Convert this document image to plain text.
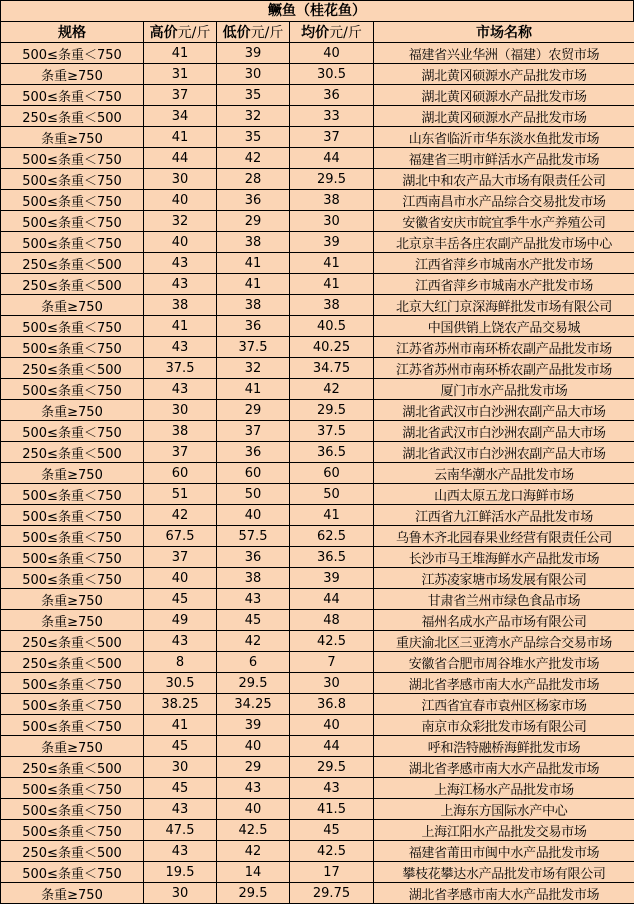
鳜鱼（桂花鱼）
规格	高价元/斤	低价元/斤	均价元/斤	市场名称
500≤条重＜750	41	39	40	福建省兴业华洲（福建）农贸市场
条重≥750	31	30	30.5	湖北黄冈硕源水产品批发市场
500≤条重＜750	37	35	36	湖北黄冈硕源水产品批发市场
250≤条重＜500	34	32	33	湖北黄冈硕源水产品批发市场
条重≥750	41	35	37	山东省临沂市华东淡水鱼批发市场
500≤条重＜750	44	42	44	福建省三明市鲜活水产品批发市场
500≤条重＜750	30	28	29.5	湖北中和农产品大市场有限责任公司
500≤条重＜750	40	36	38	江西南昌市水产品综合交易批发市场
500≤条重＜750	32	29	30	安徽省安庆市皖宜季牛水产养殖公司
500≤条重＜750	40	38	39	北京京丰岳各庄农副产品批发市场中心
250≤条重＜500	43	41	41	江西省萍乡市城南水产批发市场
250≤条重＜500	43	41	41	江西省萍乡市城南水产批发市场
条重≥750	38	38	38	北京大红门京深海鲜批发市场有限公司
500≤条重＜750	41	36	40.5	中国供销上饶农产品交易城
500≤条重＜750	43	37.5	40.25	江苏省苏州市南环桥农副产品批发市场
250≤条重＜500	37.5	32	34.75	江苏省苏州市南环桥农副产品批发市场
500≤条重＜750	43	41	42	厦门市水产品批发市场
条重≥750	30	29	29.5	湖北省武汉市白沙洲农副产品大市场
500≤条重＜750	38	37	37.5	湖北省武汉市白沙洲农副产品大市场
250≤条重＜500	37	36	36.5	湖北省武汉市白沙洲农副产品大市场
条重≥750	60	60	60	云南华潮水产品批发市场
500≤条重＜750	51	50	50	山西太原五龙口海鲜市场
500≤条重＜750	42	40	41	江西省九江鲜活水产品批发市场
500≤条重＜750	67.5	57.5	62.5	乌鲁木齐北园春果业经营有限责任公司
500≤条重＜750	37	36	36.5	长沙市马王堆海鲜水产品批发市场
500≤条重＜750	40	38	39	江苏凌家塘市场发展有限公司
条重≥750	45	43	44	甘肃省兰州市绿色食品市场
条重≥750	49	45	48	福州名成水产品市场有限公司
250≤条重＜500	43	42	42.5	重庆渝北区三亚湾水产品综合交易市场
250≤条重＜500	8	6	7	安徽省合肥市周谷堆水产批发市场
500≤条重＜750	30.5	29.5	30	湖北省孝感市南大水产品批发市场
500≤条重＜750	38.25	34.25	36.8	江西省宜春市袁州区杨家市场
500≤条重＜750	41	39	40	南京市众彩批发市场有限公司
条重≥750	45	40	44	呼和浩特融桥海鲜批发市场
250≤条重＜500	30	29	29.5	湖北省孝感市南大水产品批发市场
500≤条重＜750	45	43	43	上海江杨水产品批发市场
500≤条重＜750	43	40	41.5	上海东方国际水产中心
500≤条重＜750	47.5	42.5	45	上海江阳水产品批发交易市场
250≤条重＜500	43	42	42.5	福建省莆田市闽中水产品批发市场
500≤条重＜750	19.5	14	17	攀枝花攀达水产品批发市场有限公司
条重≥750	30	29.5	29.75	湖北省孝感市南大水产品批发市场
